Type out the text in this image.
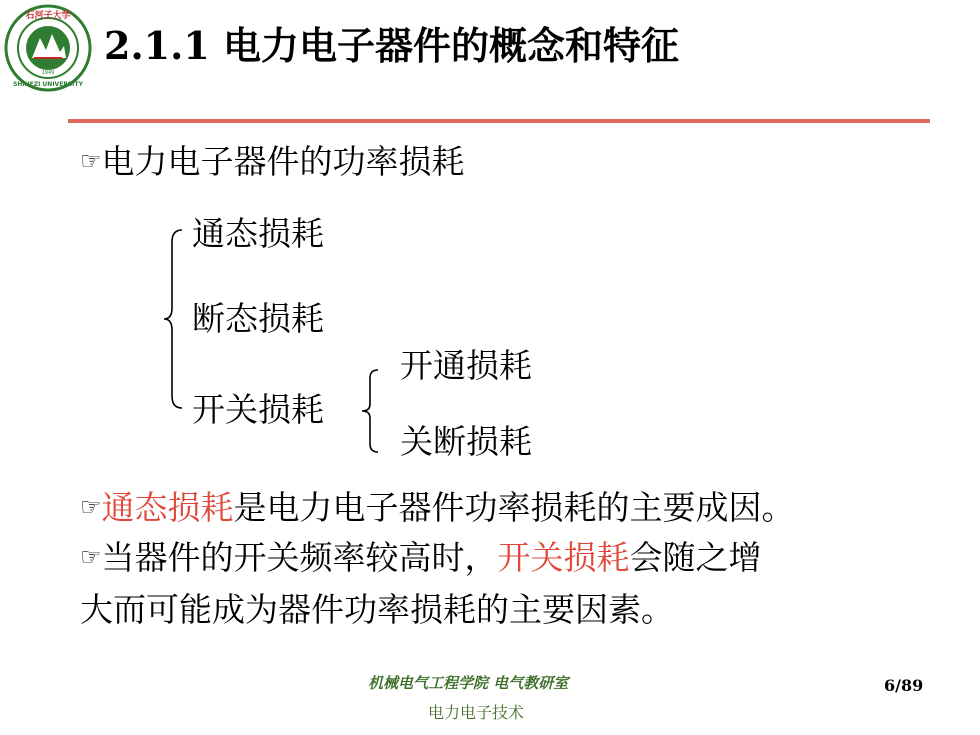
石河子大学
SHIHEZI UNIVERSITY
1949
2.1.1 电力电子器件的概念和特征
☞电力电子器件的功率损耗
通态损耗
断态损耗
开关损耗
开通损耗
关断损耗
☞通态损耗是电力电子器件功率损耗的主要成因。
☞当器件的开关频率较高时，开关损耗会随之增
大而可能成为器件功率损耗的主要因素。
机械电气工程学院 电气教研室
电力电子技术
6/89
